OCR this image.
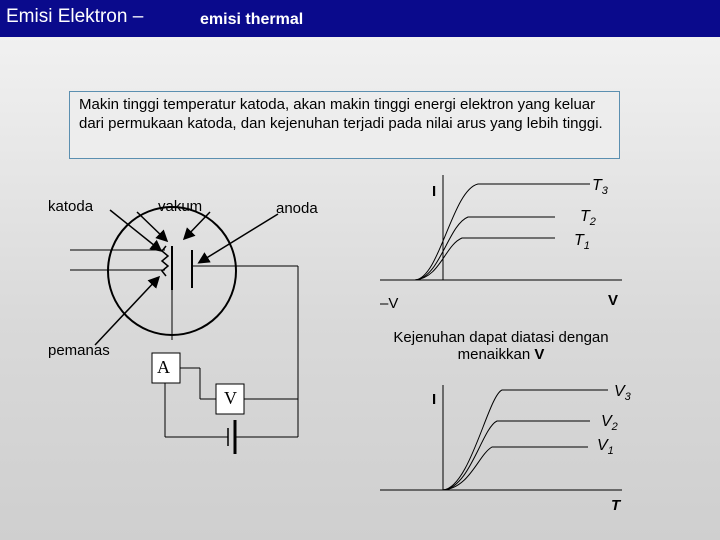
Emisi Elektron –	emisi thermal
Makin tinggi temperatur katoda, akan makin tinggi energi elektron yang keluar dari permukaan katoda, dan kejenuhan terjadi pada nilai arus yang lebih tinggi.
katoda	vakum	anoda
pemanas
A
V
I
V
–V
$T_3$
$T_2$
$T_1$
Kejenuhan dapat diatasi dengan
menaikkan V
I
T
$V_3$
$V_2$
$V_1$
